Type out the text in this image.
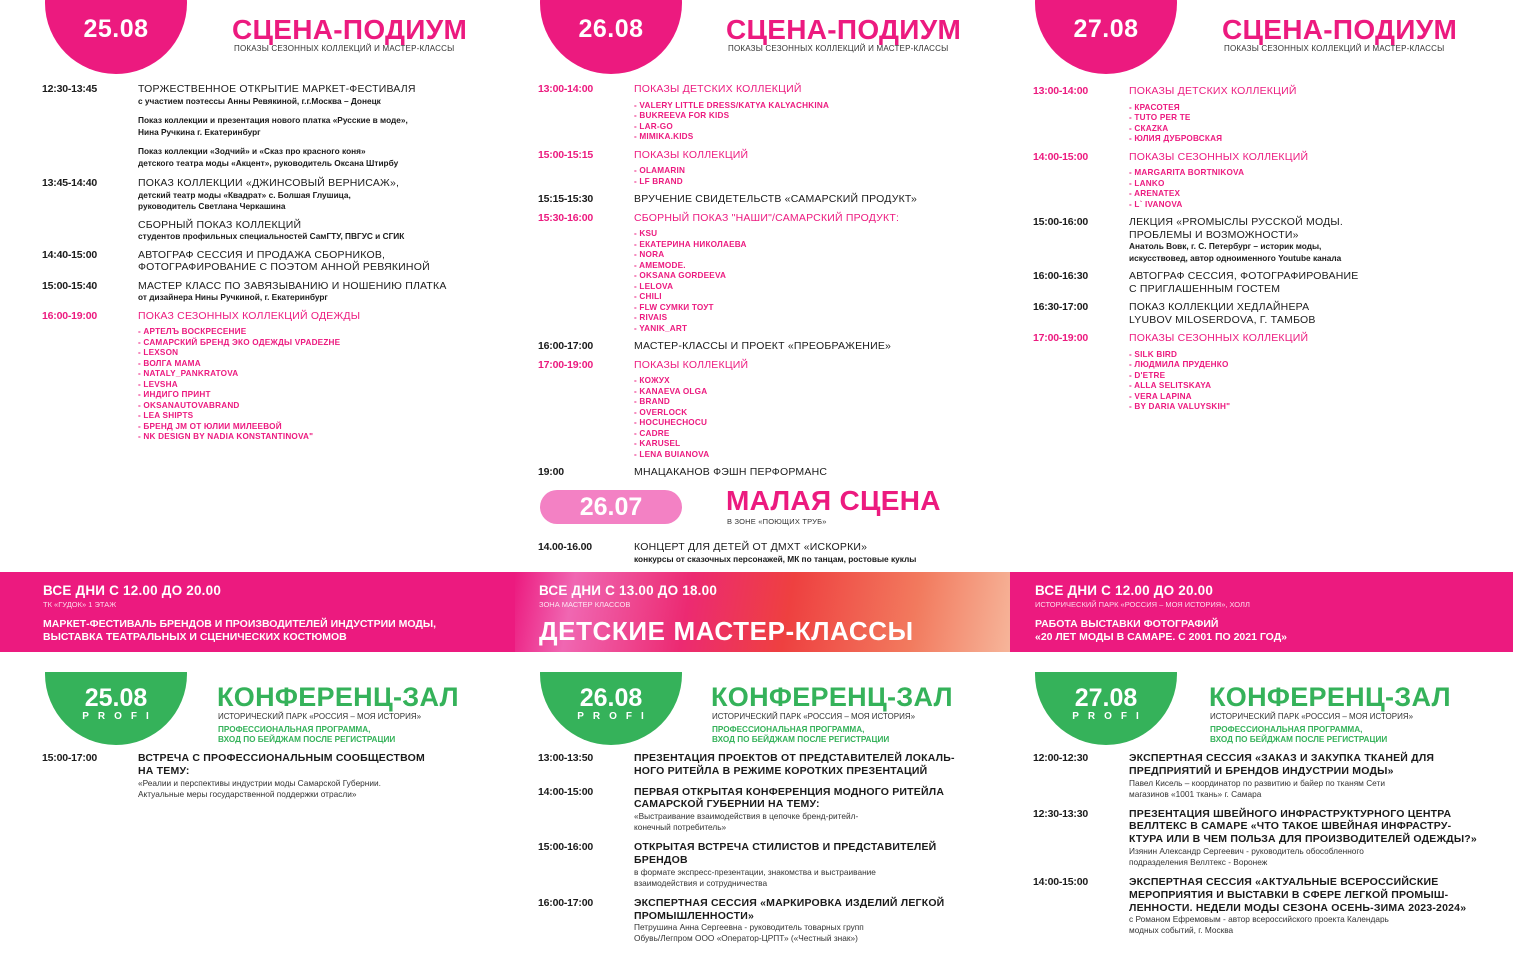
26.07	МАЛАЯ СЦЕНА
В ЗОНЕ «ПОЮЩИХ ТРУБ»
14.00-16.00	КОНЦЕРТ ДЛЯ ДЕТЕЙ ОТ ДМХТ «ИСКОРКИ»
конкурсы от сказочных персонажей, МК по танцам, ростовые куклы
ВСЕ ДНИ С 12.00 ДО 20.00
ТК «ГУДОК» 1 ЭТАЖ
МАРКЕТ-ФЕСТИВАЛЬ БРЕНДОВ И ПРОИЗВОДИТЕЛЕЙ ИНДУСТРИИ МОДЫ,
ВЫСТАВКА ТЕАТРАЛЬНЫХ И СЦЕНИЧЕСКИХ КОСТЮМОВ
ВСЕ ДНИ С 13.00 ДО 18.00
ЗОНА МАСТЕР КЛАССОВ
ДЕТСКИЕ МАСТЕР-КЛАССЫ
ВСЕ ДНИ С 12.00 ДО 20.00
ИСТОРИЧЕСКИЙ ПАРК «РОССИЯ – МОЯ ИСТОРИЯ», ХОЛЛ
РАБОТА ВЫСТАВКИ ФОТОГРАФИЙ
«20 ЛЕТ МОДЫ В САМАРЕ. С 2001 ПО 2021 ГОД»
25.08	СЦЕНА-ПОДИУМ
ПОКАЗЫ СЕЗОННЫХ КОЛЛЕКЦИЙ И МАСТЕР-КЛАССЫ
12:30-13:45	ТОРЖЕСТВЕННОЕ ОТКРЫТИЕ МАРКЕТ-ФЕСТИВАЛЯ
с участием поэтессы Анны Ревякиной, г.г.Москва – Донецк
Показ коллекции и презентация нового платка «Русские в моде»,
Нина Ручкина г. Екатеринбург
Показ коллекции «Зодчий» и «Сказ про красного коня»
детского театра моды «Акцент», руководитель Оксана Штирбу
13:45-14:40	ПОКАЗ КОЛЛЕКЦИИ «ДЖИНСОВЫЙ ВЕРНИСАЖ»,
детский театр моды «Квадрат» с. Болшая Глушица,
руководитель Светлана Черкашина
СБОРНЫЙ ПОКАЗ КОЛЛЕКЦИЙ
студентов профильных специальностей СамГТУ, ПВГУС и СГИК
14:40-15:00	АВТОГРАФ СЕССИЯ И ПРОДАЖА СБОРНИКОВ,
ФОТОГРАФИРОВАНИЕ С ПОЭТОМ АННОЙ РЕВЯКИНОЙ
15:00-15:40	МАСТЕР КЛАСС ПО ЗАВЯЗЫВАНИЮ И НОШЕНИЮ ПЛАТКА
от дизайнера Нины Ручкиной, г. Екатеринбург
16:00-19:00	ПОКАЗ СЕЗОННЫХ КОЛЛЕКЦИЙ ОДЕЖДЫ
- АРТЕЛЪ ВОСКРЕСЕНИЕ
- САМАРСКИЙ БРЕНД ЭКО ОДЕЖДЫ VPADEZHE
- LEXSON
- ВОЛГА МАМА
- NATALY_PANKRATOVA
- LEVSHA
- ИНДИГО ПРИНТ
- OKSANAUTOVABRAND
- LEA SHIPTS
- БРЕНД JM ОТ ЮЛИИ МИЛЕЕВОЙ
- NK DESIGN BY NADIA KONSTANTINOVA"
26.08	СЦЕНА-ПОДИУМ
ПОКАЗЫ СЕЗОННЫХ КОЛЛЕКЦИЙ И МАСТЕР-КЛАССЫ
13:00-14:00	ПОКАЗЫ ДЕТСКИХ КОЛЛЕКЦИЙ
- VALERY LITTLE DRESS/KATYA KALYACHKINA
- BUKREEVA FOR KIDS
- LAR-GO
- MIMIKA.KIDS
15:00-15:15	ПОКАЗЫ КОЛЛЕКЦИЙ
- OLAMARIN
- LF BRAND
15:15-15:30	ВРУЧЕНИЕ СВИДЕТЕЛЬСТВ «САМАРСКИЙ ПРОДУКТ»
15:30-16:00	СБОРНЫЙ ПОКАЗ "НАШИ"/САМАРСКИЙ ПРОДУКТ:
- KSU
- ЕКАТЕРИНА НИКОЛАЕВА
- NORA
- AMEMODE.
- OKSANA GORDEEVA
- LELOVA
- CHILI
- FLW СУМКИ ТОУТ
- RIVAIS
- YANIK_ART
16:00-17:00	МАСТЕР-КЛАССЫ И ПРОЕКТ «ПРЕОБРАЖЕНИЕ»
17:00-19:00	ПОКАЗЫ КОЛЛЕКЦИЙ
- КОЖУХ
- KANAEVA OLGA
- BRAND
- OVERLOCK
- HOCUHECHOCU
- CADRE
- KARUSEL
- LENA BUIANOVA
19:00	МНАЦАКАНОВ ФЭШН ПЕРФОРМАНС
27.08	СЦЕНА-ПОДИУМ
ПОКАЗЫ СЕЗОННЫХ КОЛЛЕКЦИЙ И МАСТЕР-КЛАССЫ
13:00-14:00	ПОКАЗЫ ДЕТСКИХ КОЛЛЕКЦИЙ
- КРАСОТЕЯ
- TUTO PER TE
- СКАZКА
- ЮЛИЯ ДУБРОВСКАЯ
14:00-15:00	ПОКАЗЫ СЕЗОННЫХ КОЛЛЕКЦИЙ
- MARGARITA BORTNIKOVA
- LANKO
- ARENATEX
- L` IVANOVA
15:00-16:00	ЛЕКЦИЯ «PROМЫСЛЫ РУССКОЙ МОДЫ.
ПРОБЛЕМЫ И ВОЗМОЖНОСТИ»
Анатоль Вовк, г. С. Петербург – историк моды,
искусствовед, автор одноименного Youtube канала
16:00-16:30	АВТОГРАФ СЕССИЯ, ФОТОГРАФИРОВАНИЕ
С ПРИГЛАШЕННЫМ ГОСТЕМ
16:30-17:00	ПОКАЗ КОЛЛЕКЦИИ ХЕДЛАЙНЕРА
LYUBOV MILOSERDOVA, Г. ТАМБОВ
17:00-19:00	ПОКАЗЫ СЕЗОННЫХ КОЛЛЕКЦИЙ
- SILK BIRD
- ЛЮДМИЛА ПРУДЕНКО
- D'ETRE
- ALLA SELITSKAYA
- VERA LAPINA
- BY DARIA VALUYSKIH"
25.08
PROFI
КОНФЕРЕНЦ-ЗАЛ
ИСТОРИЧЕСКИЙ ПАРК «РОССИЯ – МОЯ ИСТОРИЯ»
ПРОФЕССИОНАЛЬНАЯ ПРОГРАММА,
ВХОД ПО БЕЙДЖАМ ПОСЛЕ РЕГИСТРАЦИИ
15:00-17:00	ВСТРЕЧА С ПРОФЕССИОНАЛЬНЫМ СООБЩЕСТВОМ
НА ТЕМУ:
«Реалии и перспективы индустрии моды Самарской Губернии.
Актуальные меры государственной поддержки отрасли»
26.08
PROFI
КОНФЕРЕНЦ-ЗАЛ
ИСТОРИЧЕСКИЙ ПАРК «РОССИЯ – МОЯ ИСТОРИЯ»
ПРОФЕССИОНАЛЬНАЯ ПРОГРАММА,
ВХОД ПО БЕЙДЖАМ ПОСЛЕ РЕГИСТРАЦИИ
13:00-13:50	ПРЕЗЕНТАЦИЯ ПРОЕКТОВ ОТ ПРЕДСТАВИТЕЛЕЙ ЛОКАЛЬ-
НОГО РИТЕЙЛА В РЕЖИМЕ КОРОТКИХ ПРЕЗЕНТАЦИЙ
14:00-15:00	ПЕРВАЯ ОТКРЫТАЯ КОНФЕРЕНЦИЯ МОДНОГО РИТЕЙЛА
САМАРСКОЙ ГУБЕРНИИ НА ТЕМУ:
«Выстраивание взаимодействия в цепочке бренд-ритейл-
конечный потребитель»
15:00-16:00	ОТКРЫТАЯ ВСТРЕЧА СТИЛИСТОВ И ПРЕДСТАВИТЕЛЕЙ
БРЕНДОВ
в формате экспресс-презентации, знакомства и выстраивание
взаимодействия и сотрудничества
16:00-17:00	ЭКСПЕРТНАЯ СЕССИЯ «МАРКИРОВКА ИЗДЕЛИЙ ЛЕГКОЙ
ПРОМЫШЛЕННОСТИ»
Петрушина Анна Сергеевна - руководитель товарных групп
Обувь/Легпром ООО «Оператор-ЦРПТ» («Честный знак»)
27.08
PROFI
КОНФЕРЕНЦ-ЗАЛ
ИСТОРИЧЕСКИЙ ПАРК «РОССИЯ – МОЯ ИСТОРИЯ»
ПРОФЕССИОНАЛЬНАЯ ПРОГРАММА,
ВХОД ПО БЕЙДЖАМ ПОСЛЕ РЕГИСТРАЦИИ
12:00-12:30	ЭКСПЕРТНАЯ СЕССИЯ «ЗАКАЗ И ЗАКУПКА ТКАНЕЙ ДЛЯ
ПРЕДПРИЯТИЙ И БРЕНДОВ ИНДУСТРИИ МОДЫ»
Павел Кисель – координатор по развитию и байер по тканям Сети
магазинов «1001 ткань» г. Самара
12:30-13:30	ПРЕЗЕНТАЦИЯ ШВЕЙНОГО ИНФРАСТРУКТУРНОГО ЦЕНТРА
ВЕЛЛТЕКС В САМАРЕ «ЧТО ТАКОЕ ШВЕЙНАЯ ИНФРАСТРУ-
КТУРА ИЛИ В ЧЕМ ПОЛЬЗА ДЛЯ ПРОИЗВОДИТЕЛЕЙ ОДЕЖДЫ?»
Изянин Александр Сергеевич - руководитель обособленного
подразделения Веллтекс - Воронеж
14:00-15:00	ЭКСПЕРТНАЯ СЕССИЯ «АКТУАЛЬНЫЕ ВСЕРОССИЙСКИЕ
МЕРОПРИЯТИЯ И ВЫСТАВКИ В СФЕРЕ ЛЕГКОЙ ПРОМЫШ-
ЛЕННОСТИ. НЕДЕЛИ МОДЫ СЕЗОНА ОСЕНЬ-ЗИМА 2023-2024»
с Романом Ефремовым - автор всероссийского проекта Календарь
модных событий, г. Москва
